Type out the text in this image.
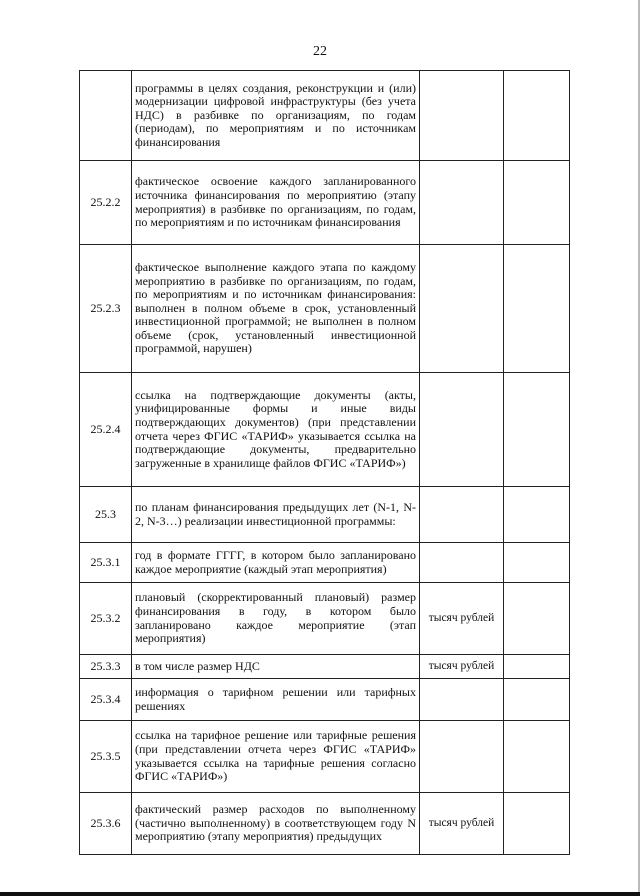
22
	программы в целях создания, реконструкции и (или) модернизации цифровой инфраструктуры (без учета НДС) в разбивке по организациям, по годам (периодам), по мероприятиям и по источникам финансирования		
25.2.2	фактическое освоение каждого запланированного источника финансирования по мероприятию (этапу мероприятия) в разбивке по организациям, по годам, по мероприятиям и по источникам финансирования		
25.2.3	фактическое выполнение каждого этапа по каждому мероприятию в разбивке по организациям, по годам, по мероприятиям и по источникам финансирования: выполнен в полном объеме в срок, установленный инвестиционной программой; не выполнен в полном объеме (срок, установленный инвестиционной программой, нарушен)		
25.2.4	ссылка на подтверждающие документы (акты, унифицированные формы и иные виды подтверждающих документов) (при представлении отчета через ФГИС «ТАРИФ» указывается ссылка на подтверждающие документы, предварительно загруженные в хранилище файлов ФГИС «ТАРИФ»)		
25.3	по планам финансирования предыдущих лет (N-1, N-2, N-3…) реализации инвестиционной программы:		
25.3.1	год в формате ГГГГ, в котором было запланировано каждое мероприятие (каждый этап мероприятия)		
25.3.2	плановый (скорректированный плановый) размер финансирования в году, в котором было запланировано каждое мероприятие (этап мероприятия)	тысяч рублей	
25.3.3	в том числе размер НДС	тысяч рублей	
25.3.4	информация о тарифном решении или тарифных решениях		
25.3.5	ссылка на тарифное решение или тарифные решения (при представлении отчета через ФГИС «ТАРИФ» указывается ссылка на тарифные решения согласно ФГИС «ТАРИФ»)		
25.3.6	фактический размер расходов по выполненному (частично выполненному) в соответствующем году N мероприятию (этапу мероприятия) предыдущих	тысяч рублей	
